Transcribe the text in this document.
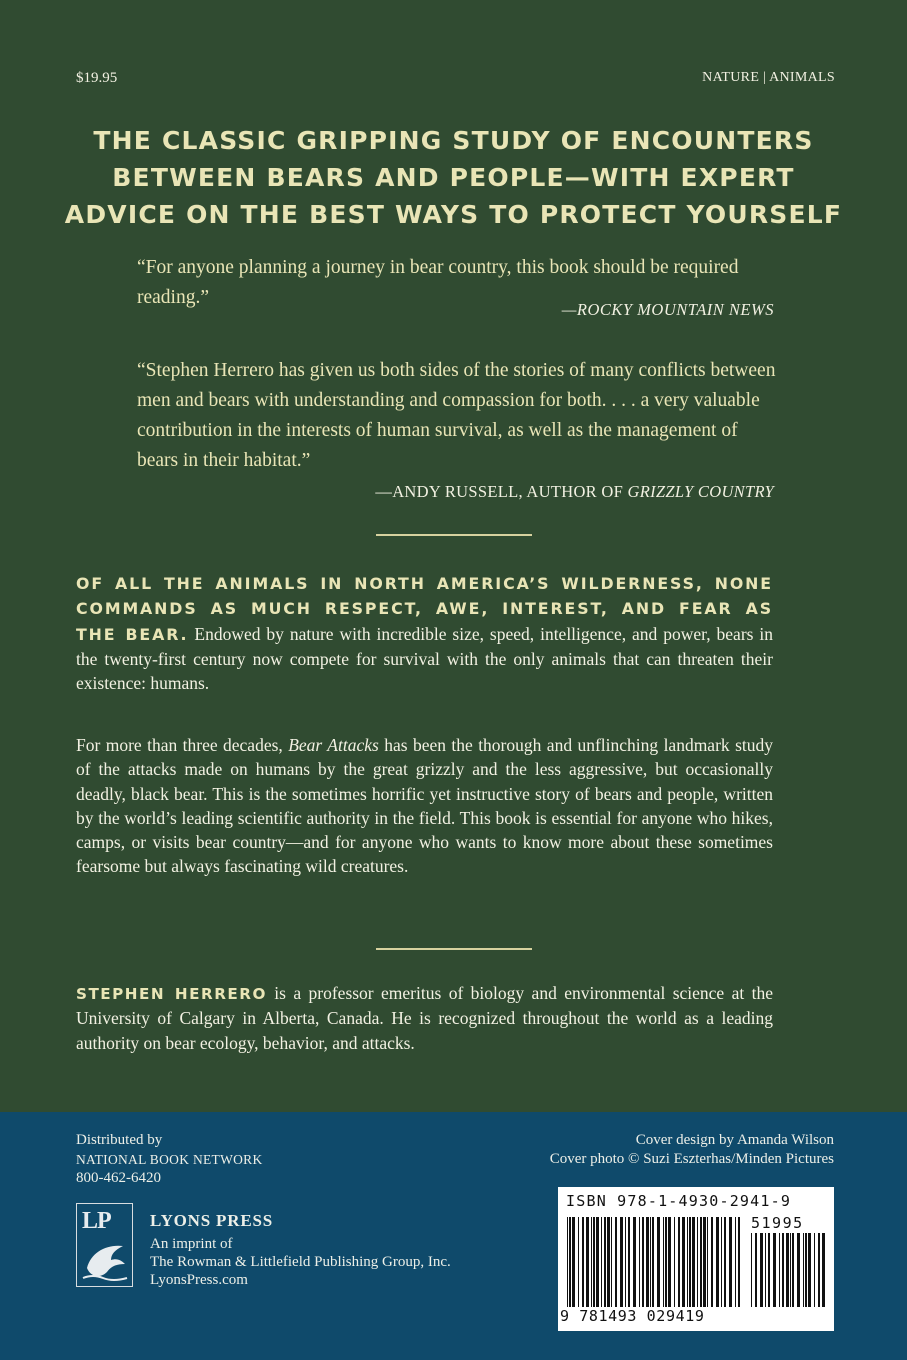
$19.95	NATURE | ANIMALS
THE CLASSIC GRIPPING STUDY OF ENCOUNTERS BETWEEN BEARS AND PEOPLE—WITH EXPERT ADVICE ON THE BEST WAYS TO PROTECT YOURSELF
“For anyone planning a journey in bear country, this book should be required reading.”
—ROCKY MOUNTAIN NEWS
“Stephen Herrero has given us both sides of the stories of many conflicts between men and bears with understanding and compassion for both. . . . a very valuable contribution in the interests of human survival, as well as the management of bears in their habitat.”
—ANDY RUSSELL, AUTHOR OF GRIZZLY COUNTRY
OF ALL THE ANIMALS IN NORTH AMERICA’S WILDERNESS, NONE COMMANDS AS MUCH RESPECT, AWE, INTEREST, AND FEAR AS THE BEAR. Endowed by nature with incredible size, speed, intelligence, and power, bears in the twenty-first century now compete for survival with the only animals that can threaten their existence: humans.
For more than three decades, Bear Attacks has been the thorough and unflinching landmark study of the attacks made on humans by the great grizzly and the less aggressive, but occasionally deadly, black bear. This is the sometimes horrific yet instructive story of bears and people, written by the world’s leading scientific authority in the field. This book is essential for anyone who hikes, camps, or visits bear country—and for anyone who wants to know more about these sometimes fearsome but always fascinating wild creatures.
STEPHEN HERRERO is a professor emeritus of biology and environmental science at the University of Calgary in Alberta, Canada. He is recognized throughout the world as a leading authority on bear ecology, behavior, and attacks.
Distributed by
NATIONAL BOOK NETWORK
800-462-6420
Cover design by Amanda Wilson
Cover photo © Suzi Eszterhas/Minden Pictures
LP LYONS PRESS
An imprint of
The Rowman & Littlefield Publishing Group, Inc.
LyonsPress.com
ISBN 978-1-4930-2941-9
51995
9 781493 029419
